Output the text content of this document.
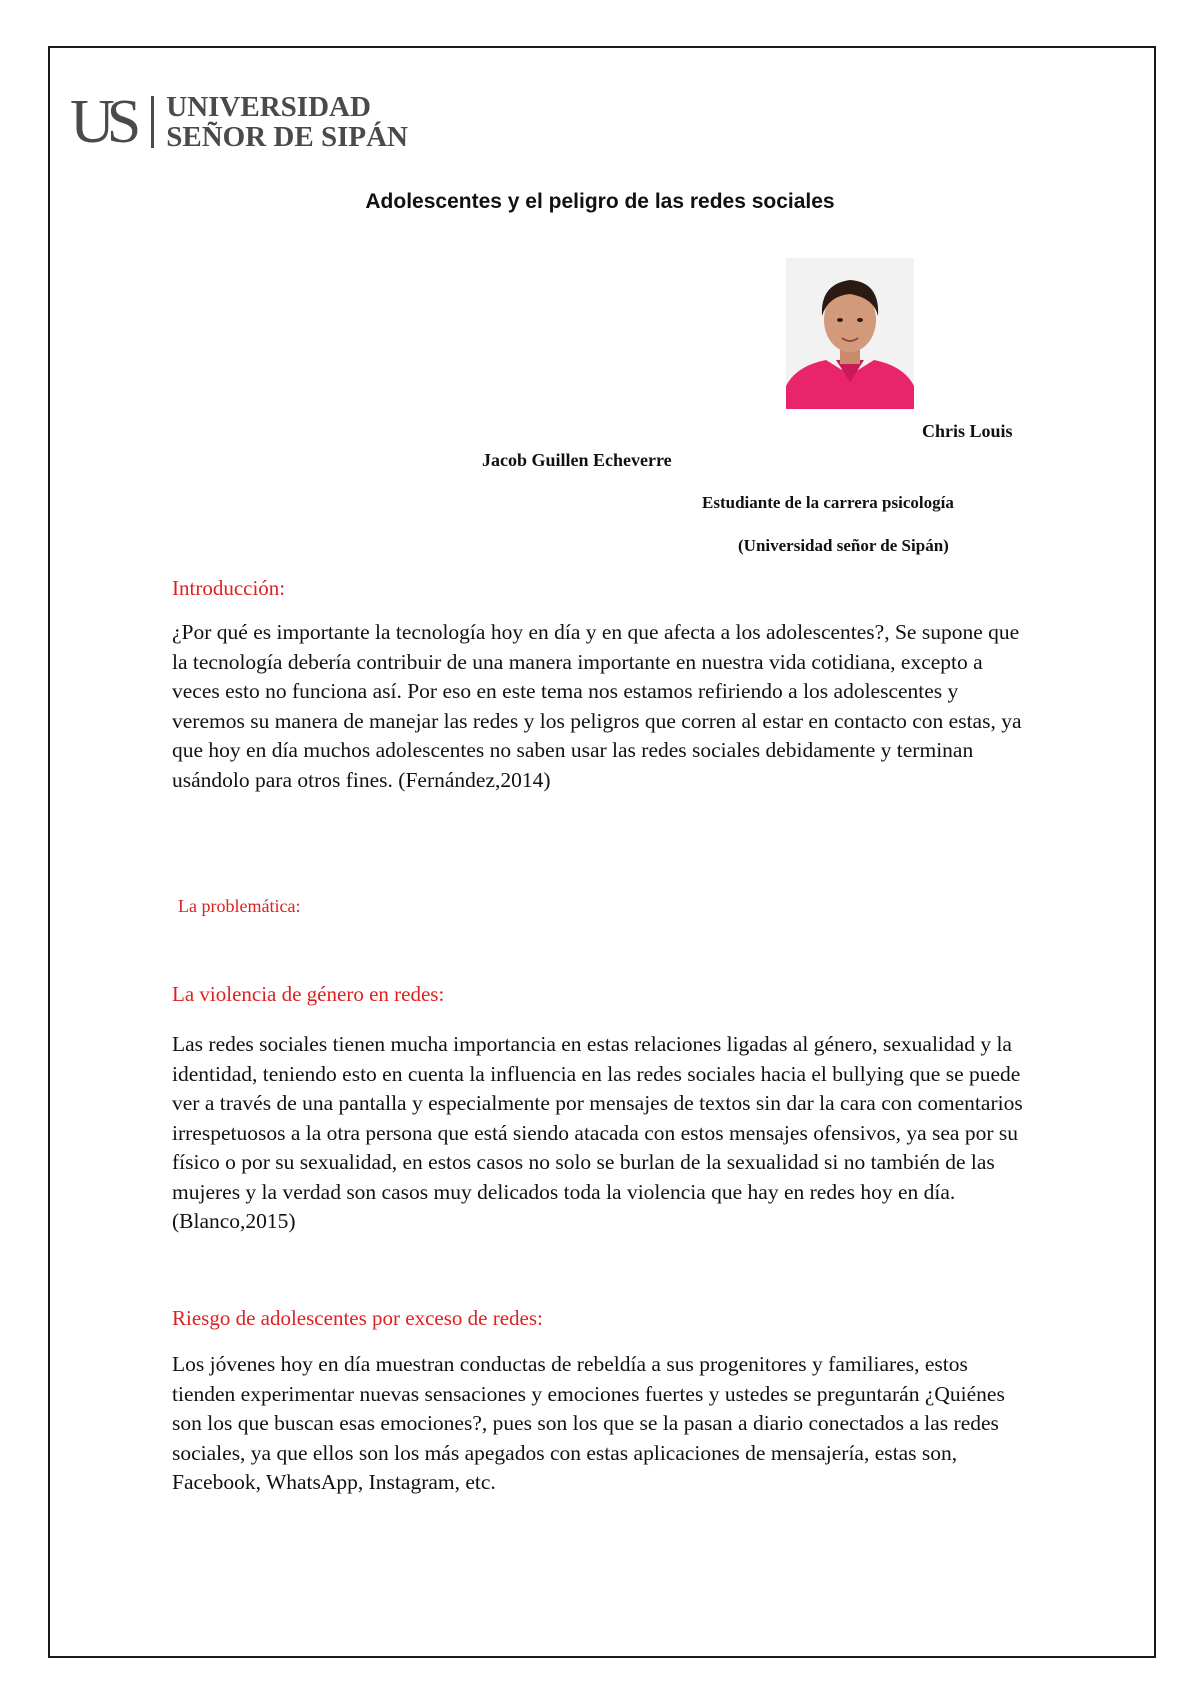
US UNIVERSIDAD
SEÑOR DE SIPÁN
Adolescentes y el peligro de las redes sociales
Chris Louis
Jacob Guillen Echeverre
Estudiante de la carrera psicología
(Universidad señor de Sipán)
Introducción:

¿Por qué es importante la tecnología hoy en día y en que afecta a los adolescentes?, Se supone que la tecnología debería contribuir de una manera importante en nuestra vida cotidiana, excepto a veces esto no funciona así. Por eso en este tema nos estamos refiriendo a los adolescentes y veremos su manera de manejar las redes y los peligros que corren al estar en contacto con estas, ya que hoy en día muchos adolescentes no saben usar las redes sociales debidamente y terminan usándolo para otros fines. (Fernández,2014)

La problemática:
La violencia de género en redes:

Las redes sociales tienen mucha importancia en estas relaciones ligadas al género, sexualidad y la identidad, teniendo esto en cuenta la influencia en las redes sociales hacia el bullying que se puede ver a través de una pantalla y especialmente por mensajes de textos sin dar la cara con comentarios irrespetuosos a la otra persona que está siendo atacada con estos mensajes ofensivos, ya sea por su físico o por su sexualidad, en estos casos no solo se burlan de la sexualidad si no también de las mujeres y la verdad son casos muy delicados toda la violencia que hay en redes hoy en día.(Blanco,2015)

Riesgo de adolescentes por exceso de redes:

Los jóvenes hoy en día muestran conductas de rebeldía a sus progenitores y familiares, estos tienden experimentar nuevas sensaciones y emociones fuertes y ustedes se preguntarán ¿Quiénes son los que buscan esas emociones?, pues son los que se la pasan a diario conectados a las redes sociales, ya que ellos son los más apegados con estas aplicaciones de mensajería, estas son, Facebook, WhatsApp, Instagram, etc.
